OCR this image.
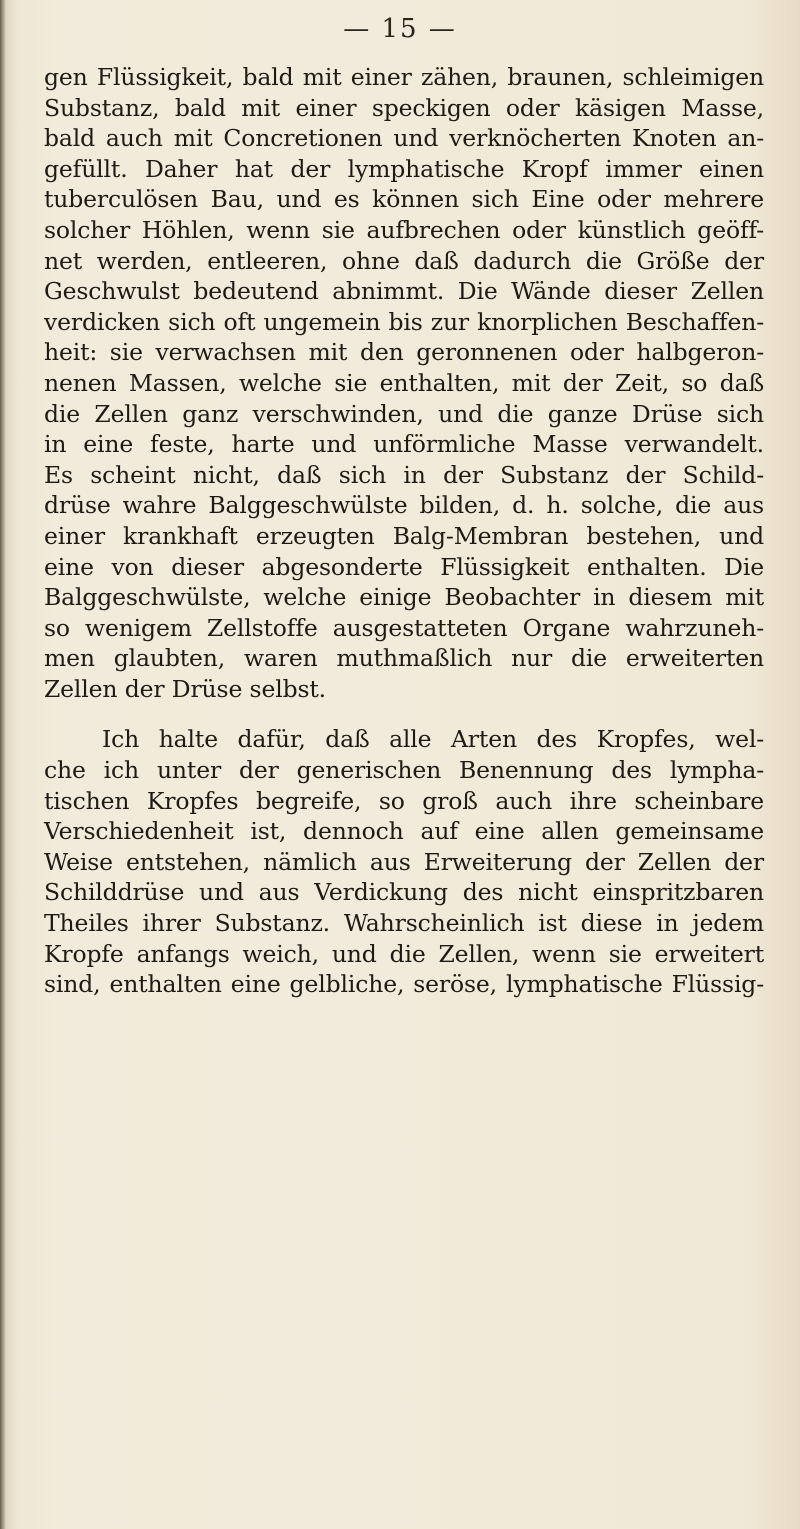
— 15 —
gen Flüssigkeit, bald mit einer zähen, braunen, schleimigen
Substanz, bald mit einer speckigen oder käsigen Masse,
bald auch mit Concretionen und verknöcherten Knoten an-
gefüllt. Daher hat der lymphatische Kropf immer einen
tuberculösen Bau, und es können sich Eine oder mehrere
solcher Höhlen, wenn sie aufbrechen oder künstlich geöff-
net werden, entleeren, ohne daß dadurch die Größe der
Geschwulst bedeutend abnimmt. Die Wände dieser Zellen
verdicken sich oft ungemein bis zur knorplichen Beschaffen-
heit: sie verwachsen mit den geronnenen oder halbgeron-
nenen Massen, welche sie enthalten, mit der Zeit, so daß
die Zellen ganz verschwinden, und die ganze Drüse sich
in eine feste, harte und unförmliche Masse verwandelt.
Es scheint nicht, daß sich in der Substanz der Schild-
drüse wahre Balggeschwülste bilden, d. h. solche, die aus
einer krankhaft erzeugten Balg-Membran bestehen, und
eine von dieser abgesonderte Flüssigkeit enthalten. Die
Balggeschwülste, welche einige Beobachter in diesem mit
so wenigem Zellstoffe ausgestatteten Organe wahrzuneh-
men glaubten, waren muthmaßlich nur die erweiterten
Zellen der Drüse selbst.
Ich halte dafür, daß alle Arten des Kropfes, wel-
che ich unter der generischen Benennung des lympha-
tischen Kropfes begreife, so groß auch ihre scheinbare
Verschiedenheit ist, dennoch auf eine allen gemeinsame
Weise entstehen, nämlich aus Erweiterung der Zellen der
Schilddrüse und aus Verdickung des nicht einspritzbaren
Theiles ihrer Substanz. Wahrscheinlich ist diese in jedem
Kropfe anfangs weich, und die Zellen, wenn sie erweitert
sind, enthalten eine gelbliche, seröse, lymphatische Flüssig-
